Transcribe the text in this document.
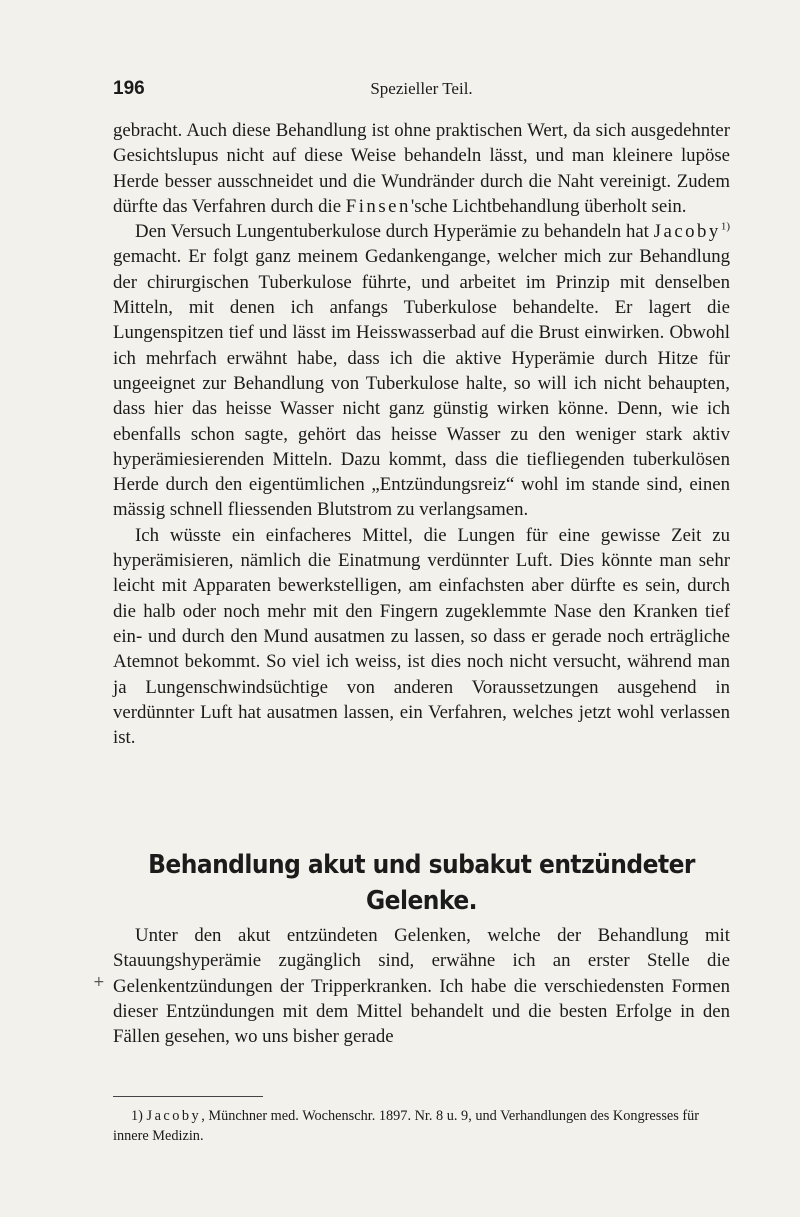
196	Spezieller Teil.

gebracht. Auch diese Behandlung ist ohne praktischen Wert, da sich ausgedehnter Gesichtslupus nicht auf diese Weise behandeln lässt, und man kleinere lupöse Herde besser ausschneidet und die Wundränder durch die Naht vereinigt. Zudem dürfte das Verfahren durch die Finsen'sche Lichtbehandlung überholt sein.

Den Versuch Lungentuberkulose durch Hyperämie zu behandeln hat Jacoby$^{1)}$ gemacht. Er folgt ganz meinem Gedankengange, welcher mich zur Behandlung der chirurgischen Tuberkulose führte, und arbeitet im Prinzip mit denselben Mitteln, mit denen ich anfangs Tuberkulose behandelte. Er lagert die Lungenspitzen tief und lässt im Heisswasserbad auf die Brust einwirken. Obwohl ich mehrfach erwähnt habe, dass ich die aktive Hyperämie durch Hitze für ungeeignet zur Behandlung von Tuberkulose halte, so will ich nicht behaupten, dass hier das heisse Wasser nicht ganz günstig wirken könne. Denn, wie ich ebenfalls schon sagte, gehört das heisse Wasser zu den weniger stark aktiv hyperämiesierenden Mitteln. Dazu kommt, dass die tiefliegenden tuberkulösen Herde durch den eigentümlichen „Entzündungsreiz“ wohl im stande sind, einen mässig schnell fliessenden Blutstrom zu verlangsamen.

Ich wüsste ein einfacheres Mittel, die Lungen für eine gewisse Zeit zu hyperämisieren, nämlich die Einatmung verdünnter Luft. Dies könnte man sehr leicht mit Apparaten bewerkstelligen, am einfachsten aber dürfte es sein, durch die halb oder noch mehr mit den Fingern zugeklemmte Nase den Kranken tief ein- und durch den Mund ausatmen zu lassen, so dass er gerade noch erträgliche Atemnot bekommt. So viel ich weiss, ist dies noch nicht versucht, während man ja Lungenschwindsüchtige von anderen Voraussetzungen ausgehend in verdünnter Luft hat ausatmen lassen, ein Verfahren, welches jetzt wohl verlassen ist.

Behandlung akut und subakut entzündeter Gelenke.

Unter den akut entzündeten Gelenken, welche der Behandlung mit Stauungshyperämie zugänglich sind, erwähne ich an erster Stelle die Gelenkentzündungen der Tripperkranken. Ich habe die verschiedensten Formen dieser Entzündungen mit dem Mittel behandelt und die besten Erfolge in den Fällen gesehen, wo uns bisher gerade

+

1) Jacoby, Münchner med. Wochenschr. 1897. Nr. 8 u. 9, und Verhandlungen des Kongresses für innere Medizin.
